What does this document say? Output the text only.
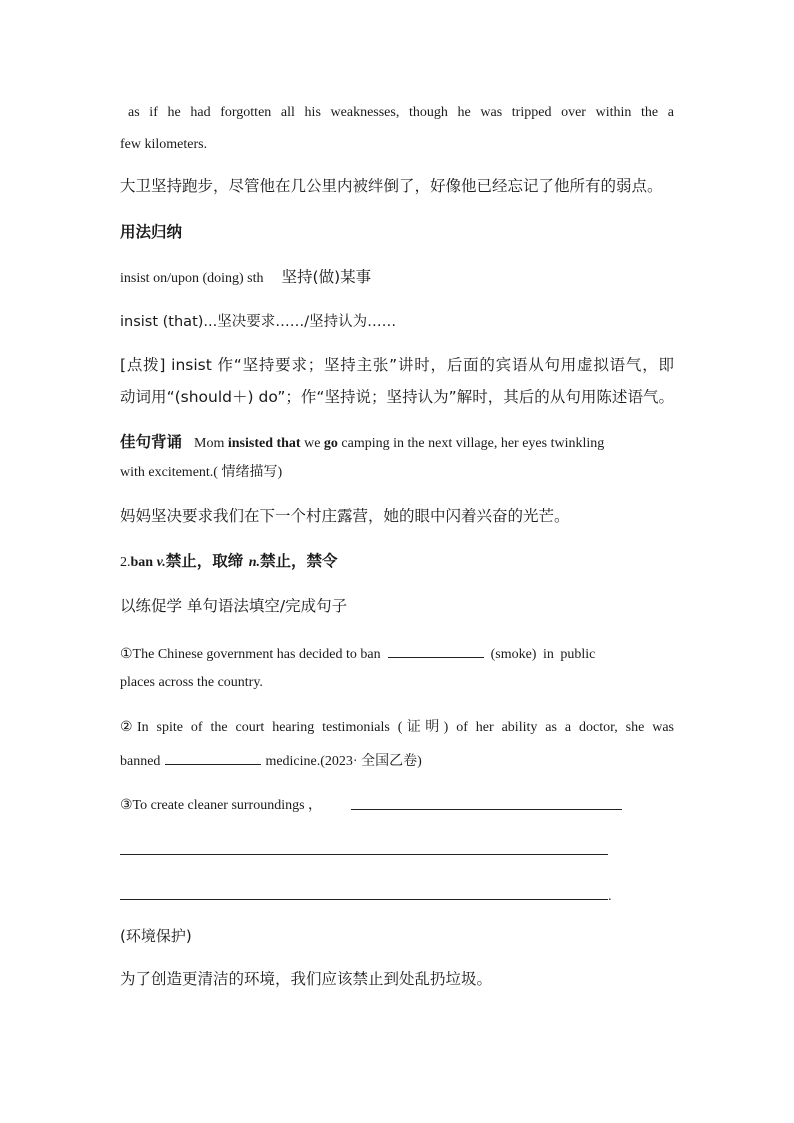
as if he had forgotten all his weaknesses, though he was tripped over within the a
few kilometers.
大卫坚持跑步，尽管他在几公里内被绊倒了，好像他已经忘记了他所有的弱点。
用法归纳
insist on/upon (doing) sth 坚持(做)某事
insist (that)...坚决要求……/坚持认为……
[点拨] insist 作“坚持要求；坚持主张”讲时，后面的宾语从句用虚拟语气，即
动词用“(should＋) do”；作“坚持说；坚持认为”解时，其后的从句用陈述语气。
佳句背诵 Mom insisted that we go camping in the next village, her eyes twinkling
with excitement.( 情绪描写)
妈妈坚决要求我们在下一个村庄露营，她的眼中闪着兴奋的光芒。
2.ban v.禁止，取缔 n.禁止，禁令
以练促学 单句语法填空/完成句子
①The Chinese government has decided to ban	(smoke) in public
places across the country.
②In spite of the court hearing testimonials (证明) of her ability as a doctor, she was
banned	medicine.(2023· 全国乙卷)
③To create cleaner surroundings ，
.
(环境保护)
为了创造更清洁的环境，我们应该禁止到处乱扔垃圾。
